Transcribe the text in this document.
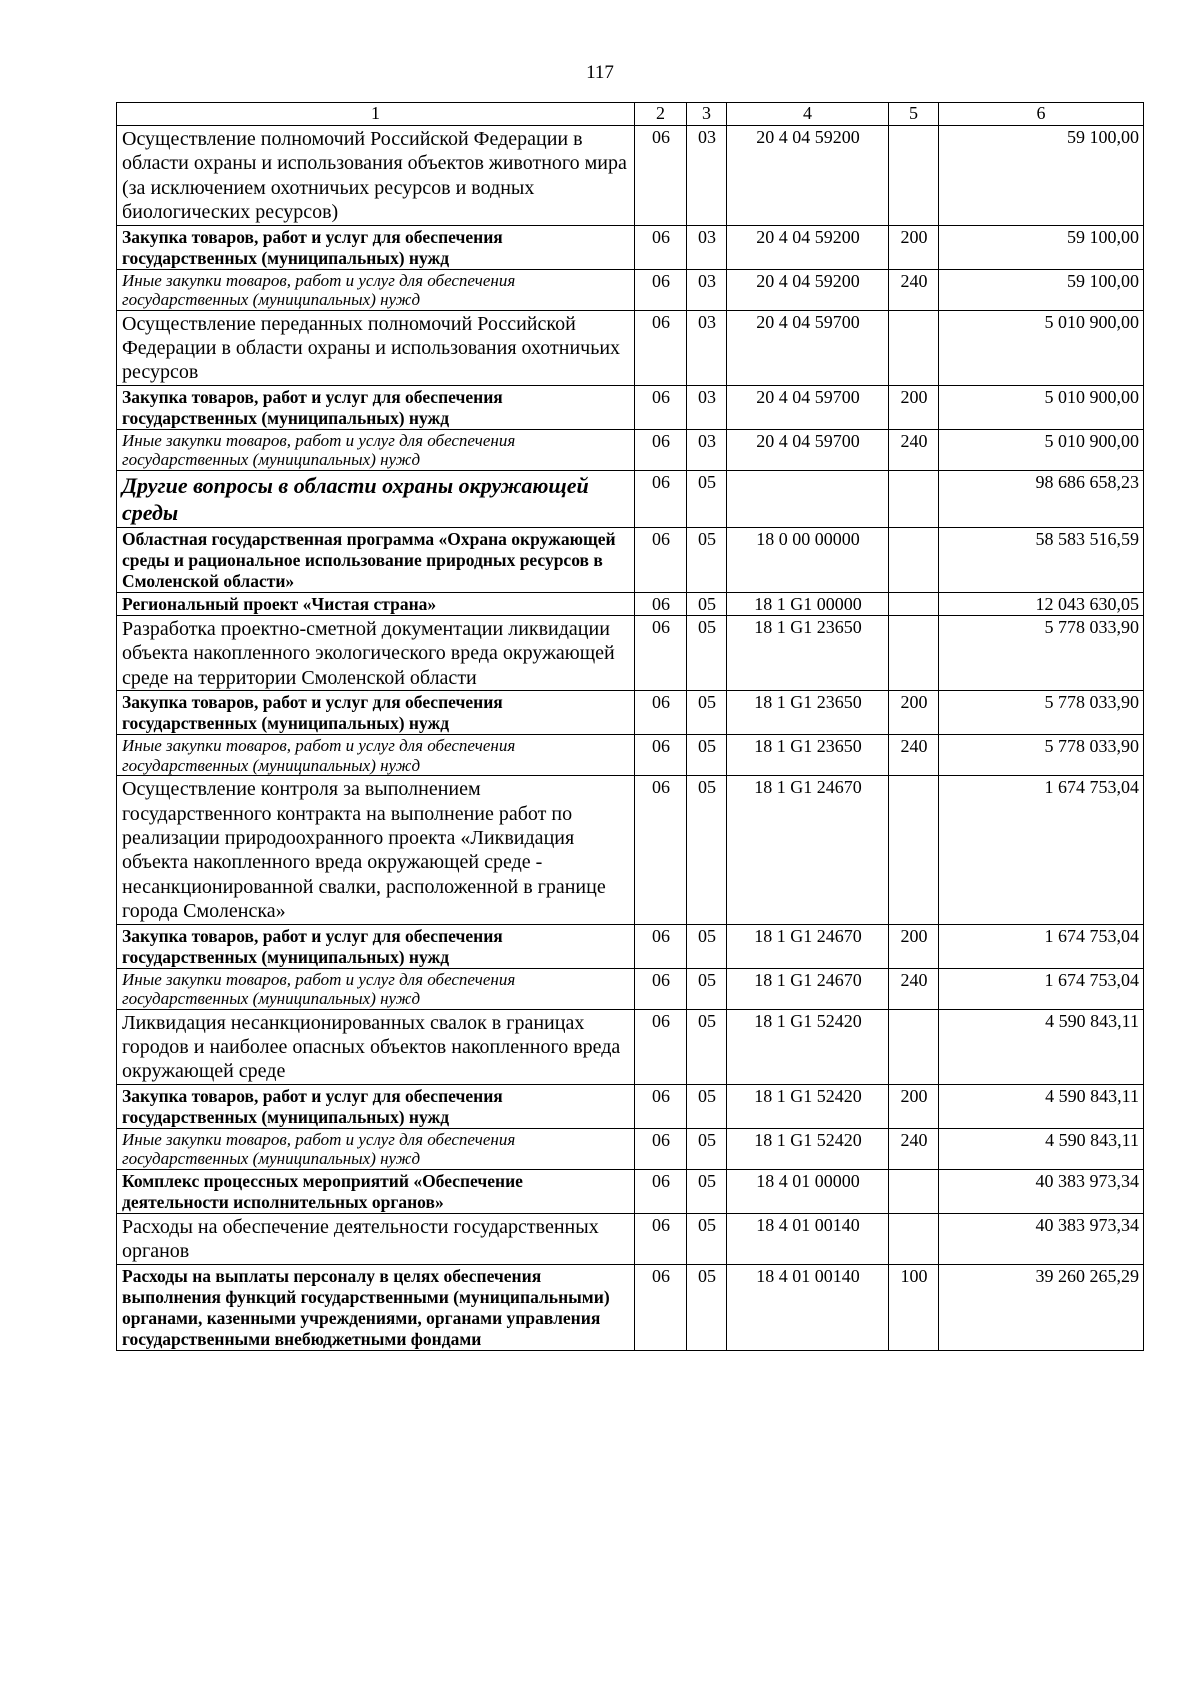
117
1	2	3	4	5	6
Осуществление полномочий Российской Федерации в области охраны и использования объектов животного мира (за исключением охотничьих ресурсов и водных биологических ресурсов)	06	03	20 4 04 59200		59 100,00
Закупка товаров, работ и услуг для обеспечения государственных (муниципальных) нужд	06	03	20 4 04 59200	200	59 100,00
Иные закупки товаров, работ и услуг для обеспечения государственных (муниципальных) нужд	06	03	20 4 04 59200	240	59 100,00
Осуществление переданных полномочий Российской Федерации в области охраны и использования охотничьих ресурсов	06	03	20 4 04 59700		5 010 900,00
Закупка товаров, работ и услуг для обеспечения государственных (муниципальных) нужд	06	03	20 4 04 59700	200	5 010 900,00
Иные закупки товаров, работ и услуг для обеспечения государственных (муниципальных) нужд	06	03	20 4 04 59700	240	5 010 900,00
Другие вопросы в области охраны окружающей среды	06	05			98 686 658,23
Областная государственная программа «Охрана окружающей среды и рациональное использование природных ресурсов в Смоленской области»	06	05	18 0 00 00000		58 583 516,59
Региональный проект «Чистая страна»	06	05	18 1 G1 00000		12 043 630,05
Разработка проектно-сметной документации ликвидации объекта накопленного экологического вреда окружающей среде на территории Смоленской области	06	05	18 1 G1 23650		5 778 033,90
Закупка товаров, работ и услуг для обеспечения государственных (муниципальных) нужд	06	05	18 1 G1 23650	200	5 778 033,90
Иные закупки товаров, работ и услуг для обеспечения государственных (муниципальных) нужд	06	05	18 1 G1 23650	240	5 778 033,90
Осуществление контроля за выполнением государственного контракта на выполнение работ по реализации природоохранного проекта «Ликвидация объекта накопленного вреда окружающей среде - несанкционированной свалки, расположенной в границе города Смоленска»	06	05	18 1 G1 24670		1 674 753,04
Закупка товаров, работ и услуг для обеспечения государственных (муниципальных) нужд	06	05	18 1 G1 24670	200	1 674 753,04
Иные закупки товаров, работ и услуг для обеспечения государственных (муниципальных) нужд	06	05	18 1 G1 24670	240	1 674 753,04
Ликвидация несанкционированных свалок в границах городов и наиболее опасных объектов накопленного вреда окружающей среде	06	05	18 1 G1 52420		4 590 843,11
Закупка товаров, работ и услуг для обеспечения государственных (муниципальных) нужд	06	05	18 1 G1 52420	200	4 590 843,11
Иные закупки товаров, работ и услуг для обеспечения государственных (муниципальных) нужд	06	05	18 1 G1 52420	240	4 590 843,11
Комплекс процессных мероприятий «Обеспечение деятельности исполнительных органов»	06	05	18 4 01 00000		40 383 973,34
Расходы на обеспечение деятельности государственных органов	06	05	18 4 01 00140		40 383 973,34
Расходы на выплаты персоналу в целях обеспечения выполнения функций государственными (муниципальными) органами, казенными учреждениями, органами управления государственными внебюджетными фондами	06	05	18 4 01 00140	100	39 260 265,29
